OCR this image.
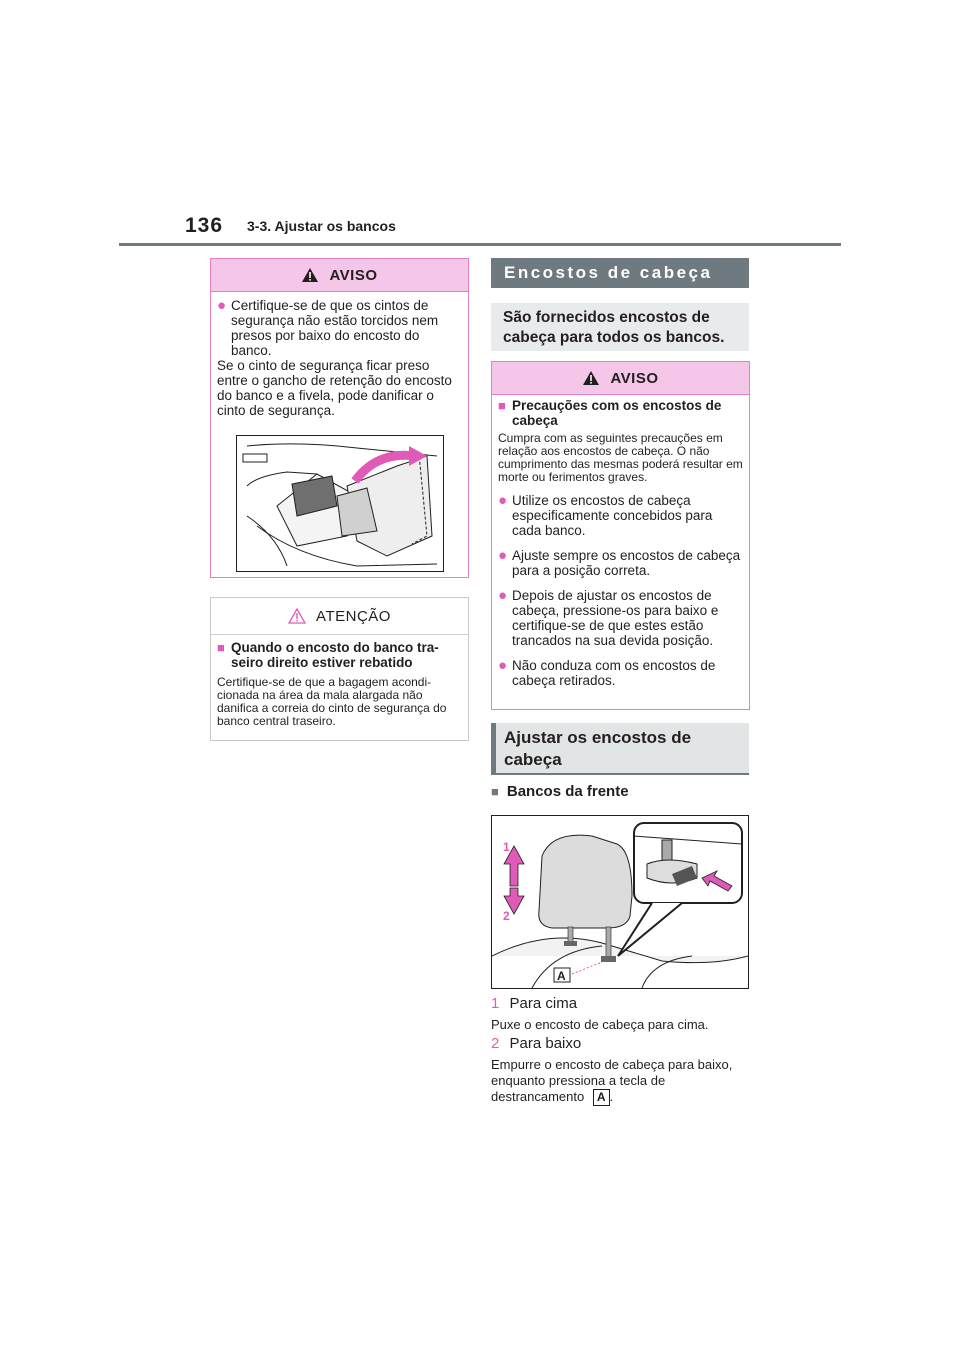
136 3-3. Ajustar os bancos
AVISO
● Certifique-se de que os cintos de segurança não estão torcidos nem presos por baixo do encosto do banco.
Se o cinto de segurança ficar preso entre o gancho de retenção do encosto do banco e a fivela, pode danificar o cinto de segurança.
ATENÇÃO
■ Quando o encosto do banco tra-seiro direito estiver rebatido
Certifique-se de que a bagagem acondi-cionada na área da mala alargada não danifica a correia do cinto de segurança do banco central traseiro.
Encostos de cabeça
São fornecidos encostos de cabeça para todos os bancos.
AVISO
■ Precauções com os encostos de cabeça
Cumpra com as seguintes precauções em relação aos encostos de cabeça. O não cumprimento das mesmas poderá resultar em morte ou ferimentos graves.
● Utilize os encostos de cabeça especificamente concebidos para cada banco.
● Ajuste sempre os encostos de cabeça para a posição correta.
● Depois de ajustar os encostos de cabeça, pressione-os para baixo e certifique-se de que estes estão trancados na sua devida posição.
● Não conduza com os encostos de cabeça retirados.
Ajustar os encostos de cabeça
■ Bancos da frente
1
2
A
1 Para cima
Puxe o encosto de cabeça para cima.
2 Para baixo
Empurre o encosto de cabeça para baixo, enquanto pressiona a tecla de destrancamento A .
